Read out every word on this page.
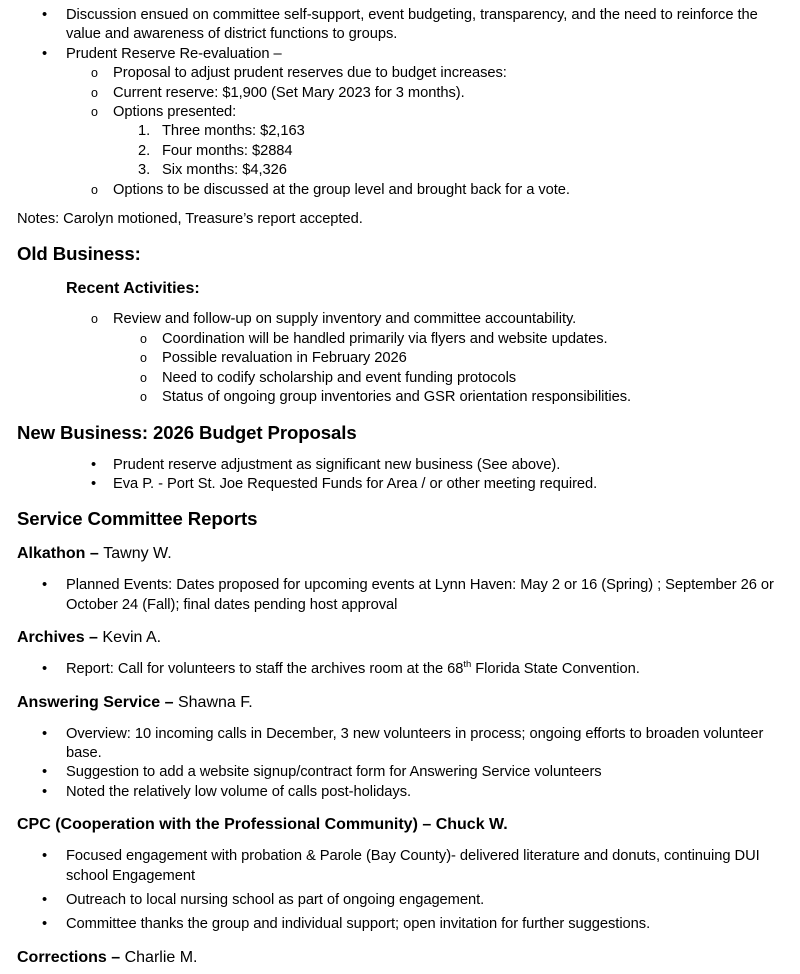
• Discussion ensued on committee self-support, event budgeting, transparency, and the need to reinforce the value and awareness of district functions to groups.
• Prudent Reserve Re-evaluation –
o Proposal to adjust prudent reserves due to budget increases:
o Current reserve: $1,900 (Set Mary 2023 for 3 months).
o Options presented:
1. Three months: $2,163
2. Four months: $2884
3. Six months: $4,326
o Options to be discussed at the group level and brought back for a vote.
Notes: Carolyn motioned, Treasure’s report accepted.
Old Business:
Recent Activities:
o Review and follow-up on supply inventory and committee accountability.
o Coordination will be handled primarily via flyers and website updates.
o Possible revaluation in February 2026
o Need to codify scholarship and event funding protocols
o Status of ongoing group inventories and GSR orientation responsibilities.
New Business: 2026 Budget Proposals
• Prudent reserve adjustment as significant new business (See above).
• Eva P. - Port St. Joe Requested Funds for Area / or other meeting required.
Service Committee Reports
Alkathon – Tawny W.
• Planned Events: Dates proposed for upcoming events at Lynn Haven: May 2 or 16 (Spring) ; September 26 or October 24 (Fall); final dates pending host approval
Archives – Kevin A.
• Report: Call for volunteers to staff the archives room at the 68th Florida State Convention.
Answering Service – Shawna F.
• Overview: 10 incoming calls in December, 3 new volunteers in process; ongoing efforts to broaden volunteer base.
• Suggestion to add a website signup/contract form for Answering Service volunteers
• Noted the relatively low volume of calls post-holidays.
CPC (Cooperation with the Professional Community) – Chuck W.
• Focused engagement with probation & Parole (Bay County)- delivered literature and donuts, continuing DUI school Engagement
• Outreach to local nursing school as part of ongoing engagement.
• Committee thanks the group and individual support; open invitation for further suggestions.
Corrections – Charlie M.
